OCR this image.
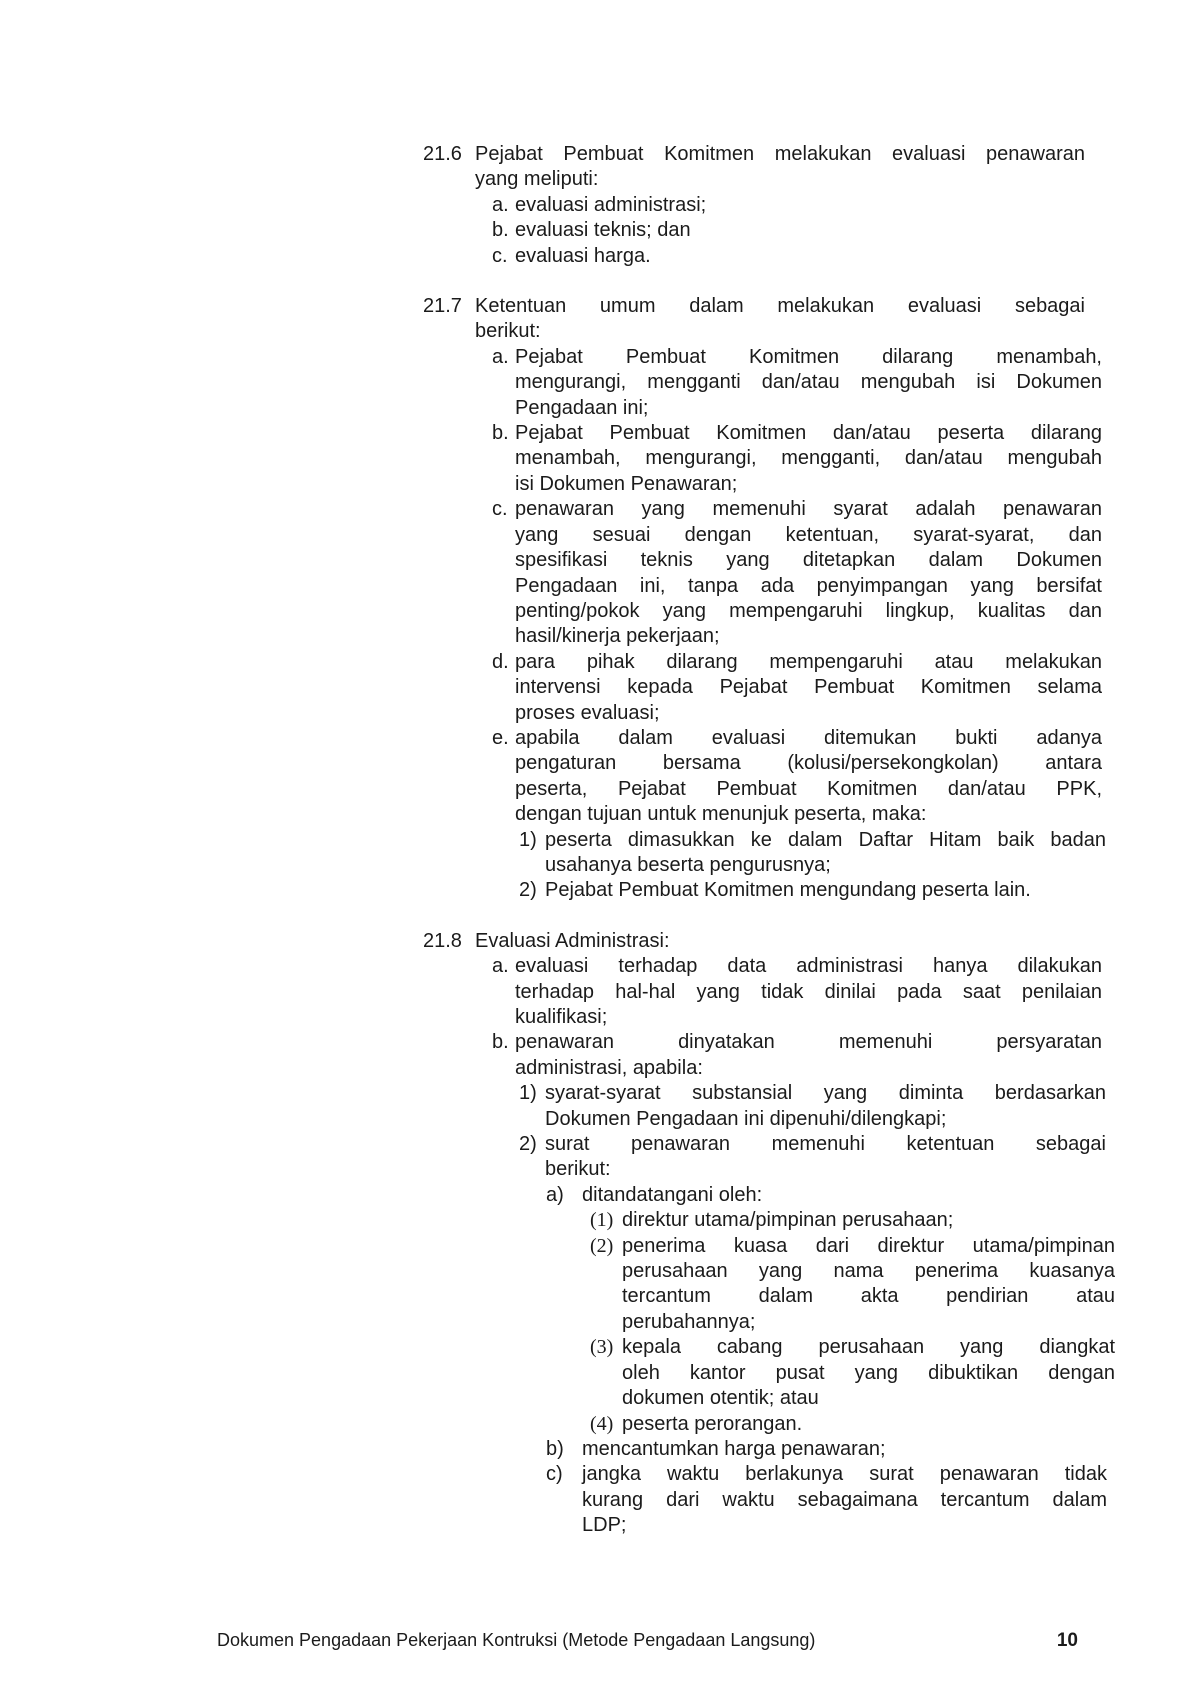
21.6 Pejabat Pembuat Komitmen melakukan evaluasi penawaran
yang meliputi:
a. evaluasi administrasi;
b. evaluasi teknis; dan
c. evaluasi harga.
21.7 Ketentuan umum dalam melakukan evaluasi sebagai
berikut:
a. Pejabat Pembuat Komitmen dilarang menambah,
mengurangi, mengganti dan/atau mengubah isi Dokumen
Pengadaan ini;
b. Pejabat Pembuat Komitmen dan/atau peserta dilarang
menambah, mengurangi, mengganti, dan/atau mengubah
isi Dokumen Penawaran;
c. penawaran yang memenuhi syarat adalah penawaran
yang sesuai dengan ketentuan, syarat-syarat, dan
spesifikasi teknis yang ditetapkan dalam Dokumen
Pengadaan ini, tanpa ada penyimpangan yang bersifat
penting/pokok yang mempengaruhi lingkup, kualitas dan
hasil/kinerja pekerjaan;
d. para pihak dilarang mempengaruhi atau melakukan
intervensi kepada Pejabat Pembuat Komitmen selama
proses evaluasi;
e. apabila dalam evaluasi ditemukan bukti adanya
pengaturan bersama (kolusi/persekongkolan) antara
peserta, Pejabat Pembuat Komitmen dan/atau PPK,
dengan tujuan untuk menunjuk peserta, maka:
1) peserta dimasukkan ke dalam Daftar Hitam baik badan
usahanya beserta pengurusnya;
2) Pejabat Pembuat Komitmen mengundang peserta lain.
21.8 Evaluasi Administrasi:
a. evaluasi terhadap data administrasi hanya dilakukan
terhadap hal-hal yang tidak dinilai pada saat penilaian
kualifikasi;
b. penawaran dinyatakan memenuhi persyaratan
administrasi, apabila:
1) syarat-syarat substansial yang diminta berdasarkan
Dokumen Pengadaan ini dipenuhi/dilengkapi;
2) surat penawaran memenuhi ketentuan sebagai
berikut:
a) ditandatangani oleh:
(1) direktur utama/pimpinan perusahaan;
(2) penerima kuasa dari direktur utama/pimpinan
perusahaan yang nama penerima kuasanya
tercantum dalam akta pendirian atau
perubahannya;
(3) kepala cabang perusahaan yang diangkat
oleh kantor pusat yang dibuktikan dengan
dokumen otentik; atau
(4) peserta perorangan.
b) mencantumkan harga penawaran;
c) jangka waktu berlakunya surat penawaran tidak
kurang dari waktu sebagaimana tercantum dalam
LDP;
Dokumen Pengadaan Pekerjaan Kontruksi (Metode Pengadaan Langsung)	10
